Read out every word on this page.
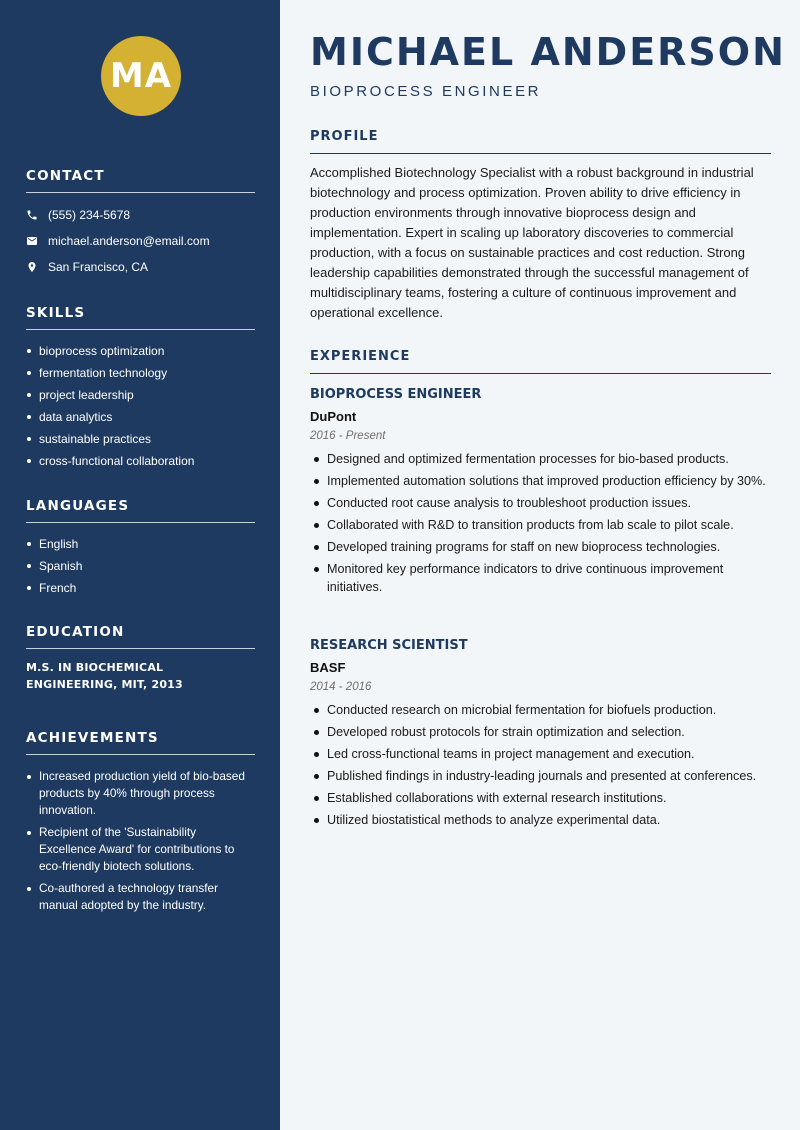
MA
CONTACT
(555) 234-5678
michael.anderson@email.com
San Francisco, CA
SKILLS
bioprocess optimization
fermentation technology
project leadership
data analytics
sustainable practices
cross-functional collaboration
LANGUAGES
English
Spanish
French
EDUCATION
M.S. IN BIOCHEMICAL ENGINEERING, MIT, 2013
ACHIEVEMENTS
Increased production yield of bio-based products by 40% through process innovation.
Recipient of the 'Sustainability Excellence Award' for contributions to eco-friendly biotech solutions.
Co-authored a technology transfer manual adopted by the industry.
MICHAEL ANDERSON
BIOPROCESS ENGINEER
PROFILE
Accomplished Biotechnology Specialist with a robust background in industrial biotechnology and process optimization. Proven ability to drive efficiency in production environments through innovative bioprocess design and implementation. Expert in scaling up laboratory discoveries to commercial production, with a focus on sustainable practices and cost reduction. Strong leadership capabilities demonstrated through the successful management of multidisciplinary teams, fostering a culture of continuous improvement and operational excellence.
EXPERIENCE
BIOPROCESS ENGINEER
DuPont
2016 - Present
Designed and optimized fermentation processes for bio-based products.
Implemented automation solutions that improved production efficiency by 30%.
Conducted root cause analysis to troubleshoot production issues.
Collaborated with R&D to transition products from lab scale to pilot scale.
Developed training programs for staff on new bioprocess technologies.
Monitored key performance indicators to drive continuous improvement initiatives.
RESEARCH SCIENTIST
BASF
2014 - 2016
Conducted research on microbial fermentation for biofuels production.
Developed robust protocols for strain optimization and selection.
Led cross-functional teams in project management and execution.
Published findings in industry-leading journals and presented at conferences.
Established collaborations with external research institutions.
Utilized biostatistical methods to analyze experimental data.
